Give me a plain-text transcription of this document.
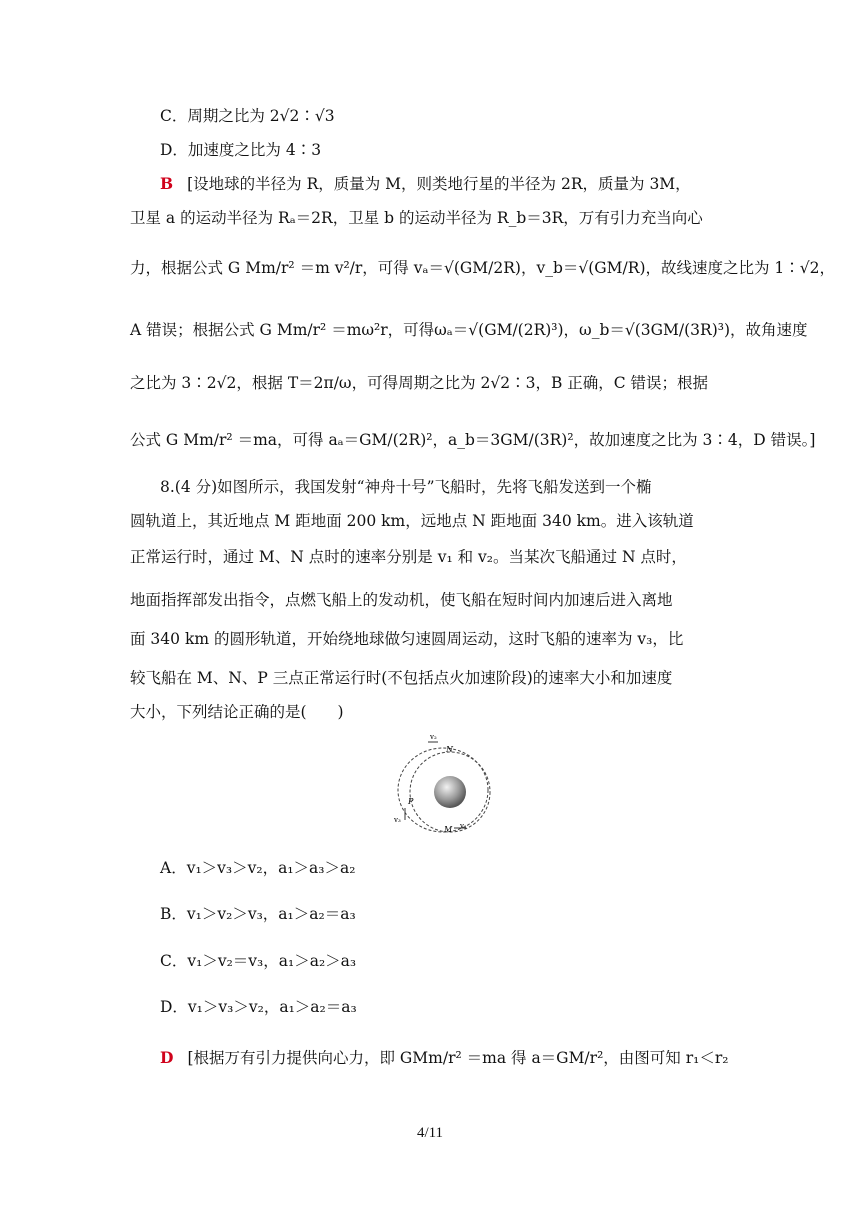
C．周期之比为 2√2∶√3
D．加速度之比为 4∶3
B [设地球的半径为 R，质量为 M，则类地行星的半径为 2R，质量为 3M，
卫星 a 的运动半径为 Rₐ＝2R，卫星 b 的运动半径为 R_b＝3R，万有引力充当向心
力，根据公式 G Mm/r² ＝m v²/r，可得 vₐ＝√(GM/2R)，v_b＝√(GM/R)，故线速度之比为 1∶√2，
A 错误；根据公式 G Mm/r² ＝mω²r，可得ωₐ＝√(GM/(2R)³)，ω_b＝√(3GM/(3R)³)，故角速度
之比为 3∶2√2，根据 T＝2π/ω，可得周期之比为 2√2∶3，B 正确，C 错误；根据
公式 G Mm/r² ＝ma，可得 aₐ＝GM/(2R)²，a_b＝3GM/(3R)²，故加速度之比为 3∶4，D 错误。]
8.(4 分)如图所示，我国发射“神舟十号”飞船时，先将飞船发送到一个椭
圆轨道上，其近地点 M 距地面 200 km，远地点 N 距地面 340 km。进入该轨道
正常运行时，通过 M、N 点时的速率分别是 v₁ 和 v₂。当某次飞船通过 N 点时，
地面指挥部发出指令，点燃飞船上的发动机，使飞船在短时间内加速后进入离地
面 340 km 的圆形轨道，开始绕地球做匀速圆周运动，这时飞船的速率为 v₃，比
较飞船在 M、N、P 三点正常运行时(不包括点火加速阶段)的速率大小和加速度
大小，下列结论正确的是(　　)
v₂
N
P
v₃
M v₁
A．v₁＞v₃＞v₂，a₁＞a₃＞a₂
B．v₁＞v₂＞v₃，a₁＞a₂＝a₃
C．v₁＞v₂＝v₃，a₁＞a₂＞a₃
D．v₁＞v₃＞v₂，a₁＞a₂＝a₃
D [根据万有引力提供向心力，即 GMm/r² ＝ma 得 a＝GM/r²，由图可知 r₁＜r₂
4/11
